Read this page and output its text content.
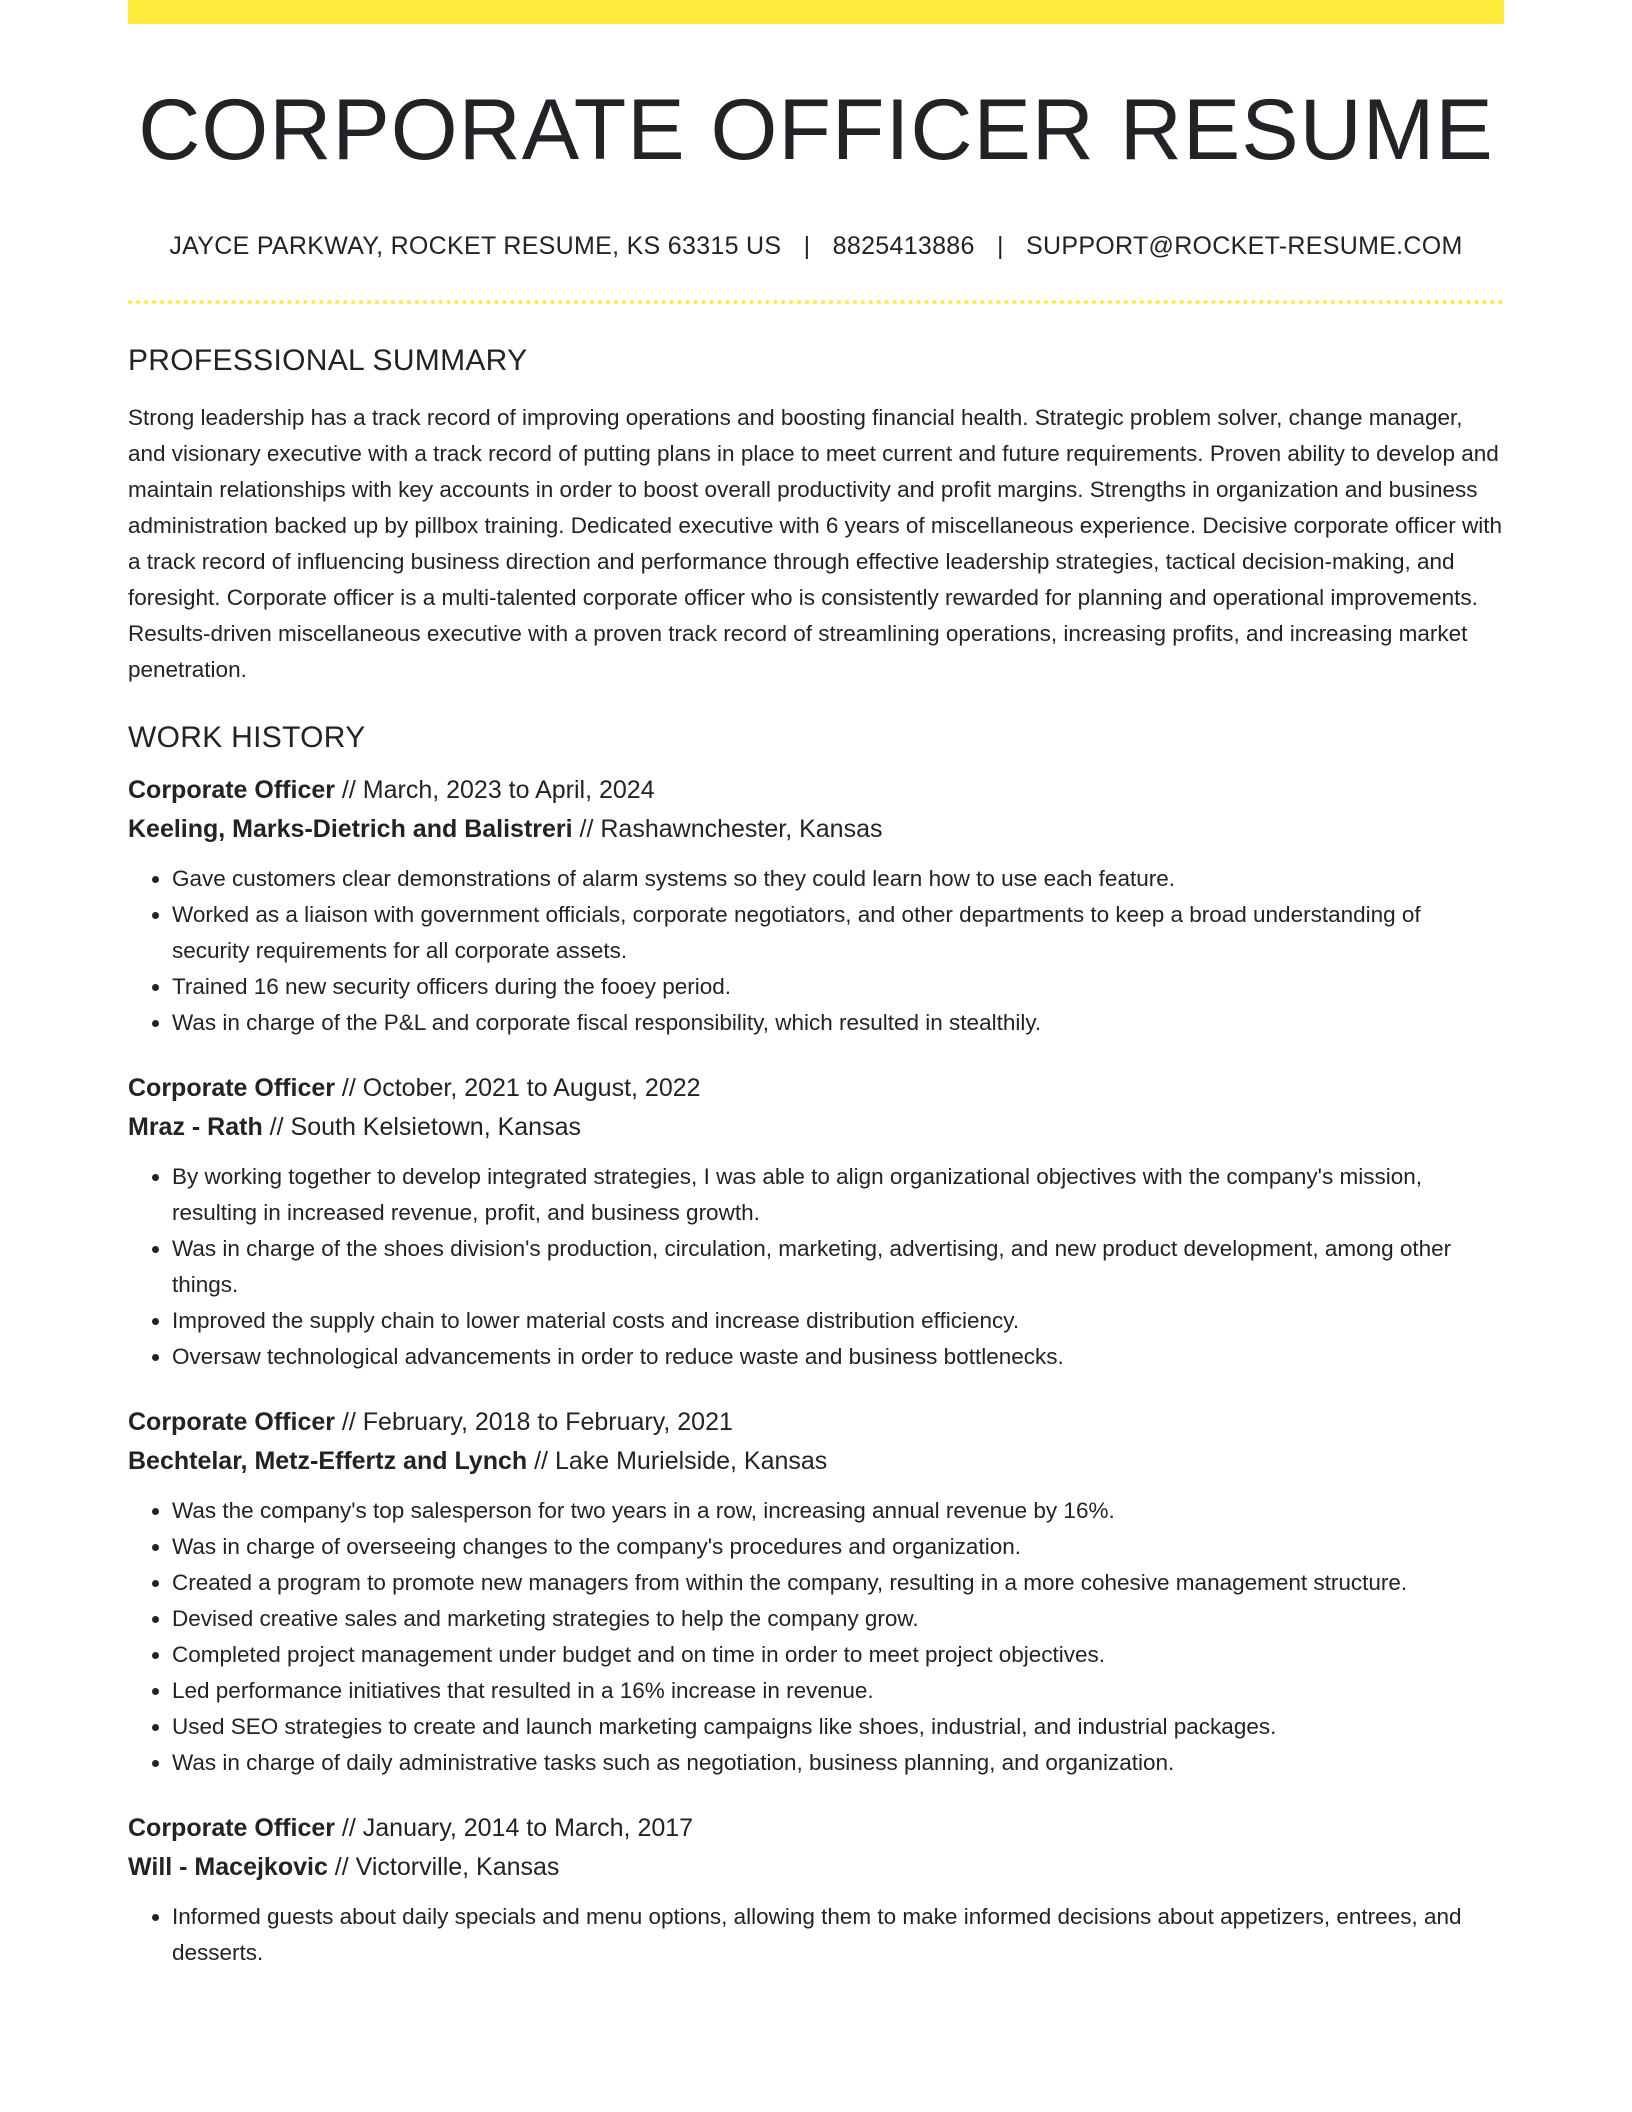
CORPORATE OFFICER RESUME
JAYCE PARKWAY, ROCKET RESUME, KS 63315 US | 8825413886 | SUPPORT@ROCKET-RESUME.COM
PROFESSIONAL SUMMARY

Strong leadership has a track record of improving operations and boosting financial health. Strategic problem solver, change manager, and visionary executive with a track record of putting plans in place to meet current and future requirements. Proven ability to develop and maintain relationships with key accounts in order to boost overall productivity and profit margins. Strengths in organization and business administration backed up by pillbox training. Dedicated executive with 6 years of miscellaneous experience. Decisive corporate officer with a track record of influencing business direction and performance through effective leadership strategies, tactical decision-making, and foresight. Corporate officer is a multi-talented corporate officer who is consistently rewarded for planning and operational improvements. Results-driven miscellaneous executive with a proven track record of streamlining operations, increasing profits, and increasing market penetration.

WORK HISTORY
Corporate Officer // March, 2023 to April, 2024
Keeling, Marks-Dietrich and Balistreri // Rashawnchester, Kansas
• Gave customers clear demonstrations of alarm systems so they could learn how to use each feature.
• Worked as a liaison with government officials, corporate negotiators, and other departments to keep a broad understanding of security requirements for all corporate assets.
• Trained 16 new security officers during the fooey period.
• Was in charge of the P&L and corporate fiscal responsibility, which resulted in stealthily.
Corporate Officer // October, 2021 to August, 2022
Mraz - Rath // South Kelsietown, Kansas
• By working together to develop integrated strategies, I was able to align organizational objectives with the company's mission, resulting in increased revenue, profit, and business growth.
• Was in charge of the shoes division's production, circulation, marketing, advertising, and new product development, among other things.
• Improved the supply chain to lower material costs and increase distribution efficiency.
• Oversaw technological advancements in order to reduce waste and business bottlenecks.
Corporate Officer // February, 2018 to February, 2021
Bechtelar, Metz-Effertz and Lynch // Lake Murielside, Kansas
• Was the company's top salesperson for two years in a row, increasing annual revenue by 16%.
• Was in charge of overseeing changes to the company's procedures and organization.
• Created a program to promote new managers from within the company, resulting in a more cohesive management structure.
• Devised creative sales and marketing strategies to help the company grow.
• Completed project management under budget and on time in order to meet project objectives.
• Led performance initiatives that resulted in a 16% increase in revenue.
• Used SEO strategies to create and launch marketing campaigns like shoes, industrial, and industrial packages.
• Was in charge of daily administrative tasks such as negotiation, business planning, and organization.
Corporate Officer // January, 2014 to March, 2017
Will - Macejkovic // Victorville, Kansas
• Informed guests about daily specials and menu options, allowing them to make informed decisions about appetizers, entrees, and desserts.
